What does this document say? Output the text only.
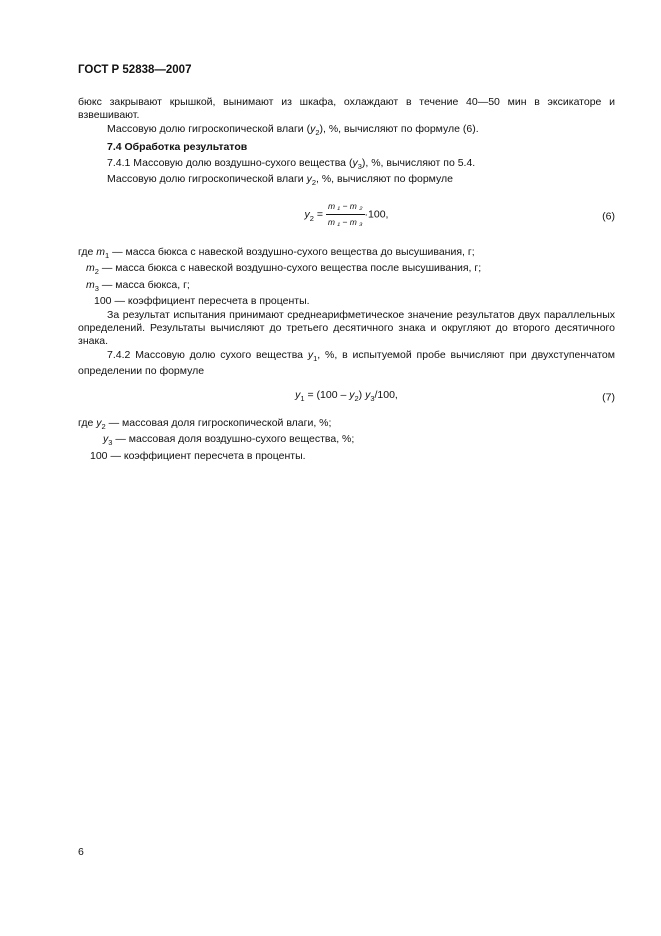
ГОСТ Р 52838—2007

бюкс закрывают крышкой, вынимают из шкафа, охлаждают в течение 40—50 мин в эксикаторе и взвешивают.

Массовую долю гигроскопической влаги $(y_2)$, %, вычисляют по формуле (6).

7.4 Обработка результатов

7.4.1 Массовую долю воздушно-сухого вещества $(y_3)$, %, вычисляют по 5.4.

Массовую долю гигроскопической влаги $y_2$, %, вычисляют по формуле

$y_2 = \frac{\text{m ₁ − m ₂}}{\text{m ₁ − m ₃}} \cdot 100$,	(6)
где $m_1$ — масса бюкса с навеской воздушно-сухого вещества до высушивания, г;
$m_2$ — масса бюкса с навеской воздушно-сухого вещества после высушивания, г;
$m_3$ — масса бюкса, г;
100 — коэффициент пересчета в проценты.

За результат испытания принимают среднеарифметическое значение результатов двух параллельных определений. Результаты вычисляют до третьего десятичного знака и округляют до второго десятичного знака.

7.4.2 Массовую долю сухого вещества $y_1$, %, в испытуемой пробе вычисляют при двухступенчатом определении по формуле

$y_1 = (100 - y_2)$ $y_3/100$,	(7)
где $y_2$ — массовая доля гигроскопической влаги, %;
$y_3$ — массовая доля воздушно-сухого вещества, %;
100 — коэффициент пересчета в проценты.
6
